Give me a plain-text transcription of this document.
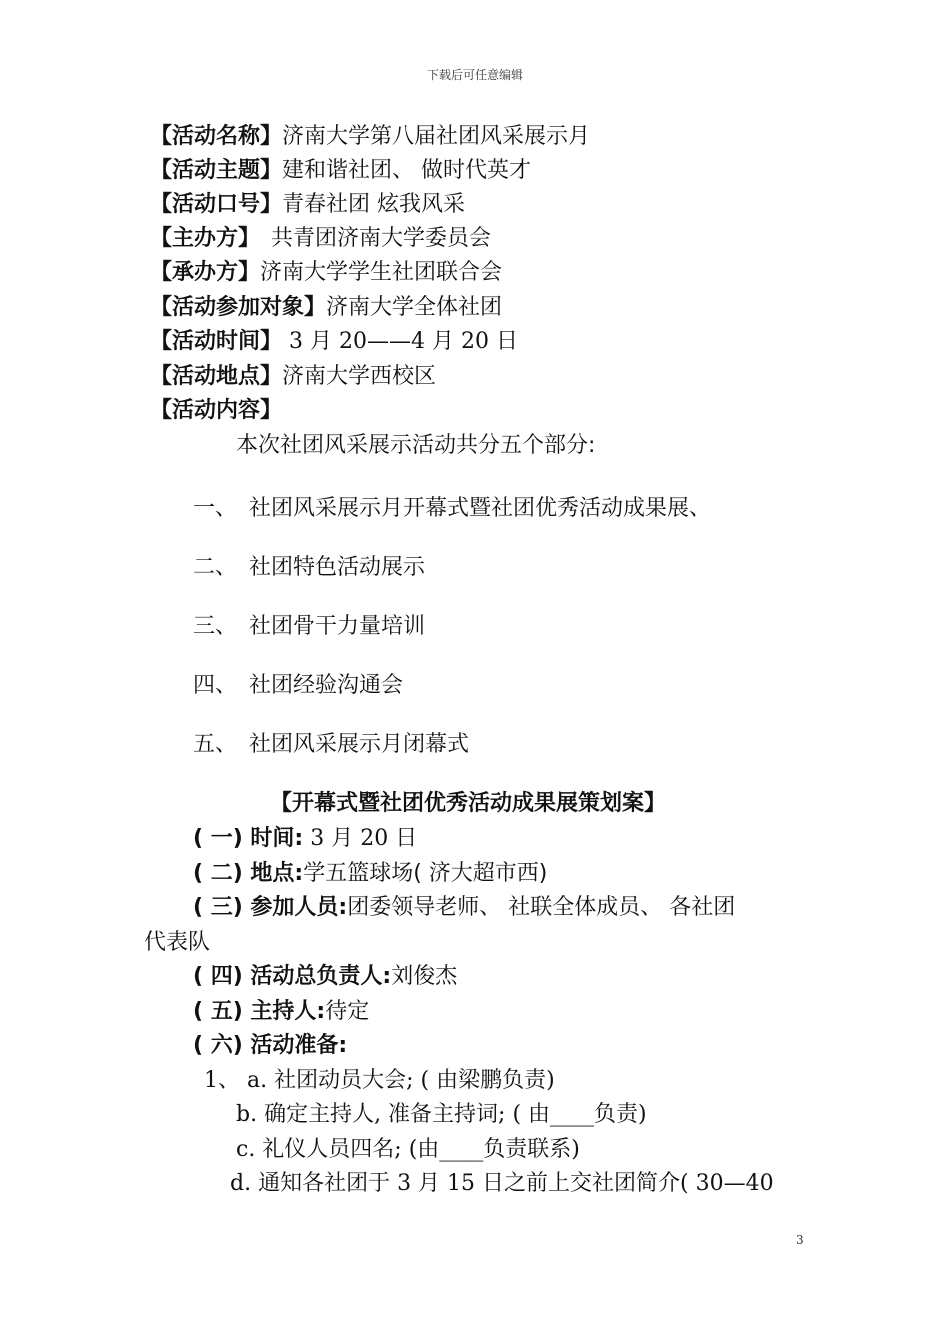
下载后可任意编辑
【活动名称】济南大学第八届社团风采展示月
【活动主题】建和谐社团、 做时代英才
【活动口号】青春社团 炫我风采
【主办方】　共青团济南大学委员会
【承办方】济南大学学生社团联合会
【活动参加对象】济南大学全体社团
【活动时间】 3 月 20——4 月 20 日
【活动地点】济南大学西校区
【活动内容】
本次社团风采展示活动共分五个部分:
一、 社团风采展示月开幕式暨社团优秀活动成果展、
二、 社团特色活动展示
三、 社团骨干力量培训
四、 社团经验沟通会
五、 社团风采展示月闭幕式
【开幕式暨社团优秀活动成果展策划案】
( 一) 时间: 3 月 20 日
( 二) 地点:学五篮球场( 济大超市西)
( 三) 参加人员:团委领导老师、 社联全体成员、 各社团
代表队
( 四) 活动总负责人:刘俊杰
( 五) 主持人:待定
( 六) 活动准备:
1、 a. 社团动员大会; ( 由梁鹏负责)
b. 确定主持人, 准备主持词; ( 由____负责)
c. 礼仪人员四名; (由____负责联系)
d. 通知各社团于 3 月 15 日之前上交社团简介( 30—40
3
